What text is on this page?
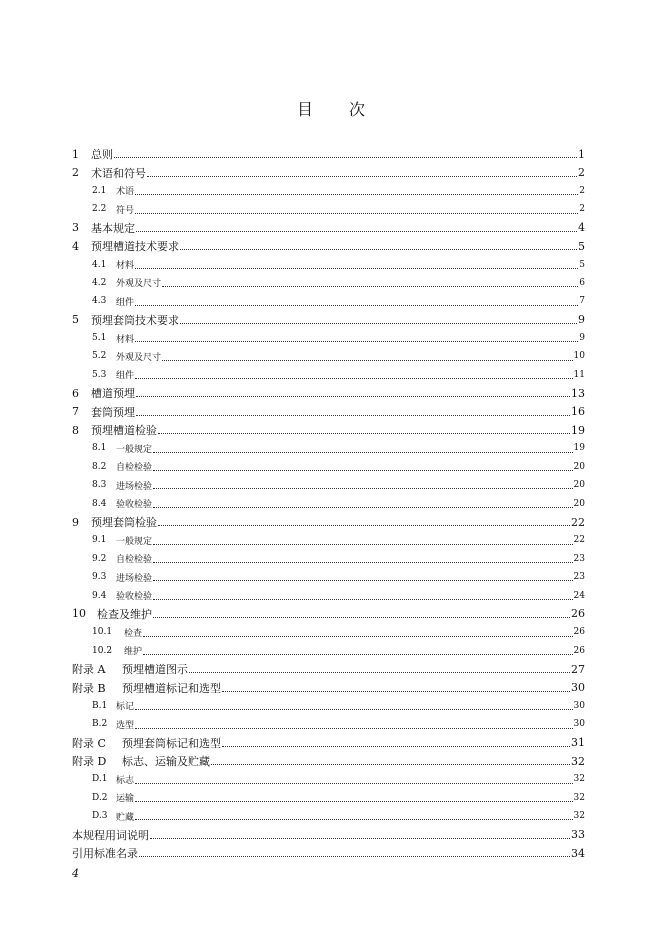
目 次
1	总则	1
2	术语和符号	2
2.1	术语	2
2.2	符号	2
3	基本规定	4
4	预埋槽道技术要求	5
4.1	材料	5
4.2	外观及尺寸	6
4.3	组件	7
5	预埋套筒技术要求	9
5.1	材料	9
5.2	外观及尺寸	10
5.3	组件	11
6	槽道预埋	13
7	套筒预埋	16
8	预埋槽道检验	19
8.1	一般规定	19
8.2	自检检验	20
8.3	进场检验	20
8.4	验收检验	20
9	预埋套筒检验	22
9.1	一般规定	22
9.2	自检检验	23
9.3	进场检验	23
9.4	验收检验	24
10	检查及维护	26
10.1	检查	26
10.2	维护	26
附录 A	预埋槽道图示	27
附录 B	预埋槽道标记和选型	30
B.1 标记	30
B.2 选型	30
附录 C	预埋套筒标记和选型	31
附录 D	标志、运输及贮藏	32
D.1 标志	32
D.2 运输	32
D.3 贮藏	32
本规程用词说明	33
引用标准名录	34
4
